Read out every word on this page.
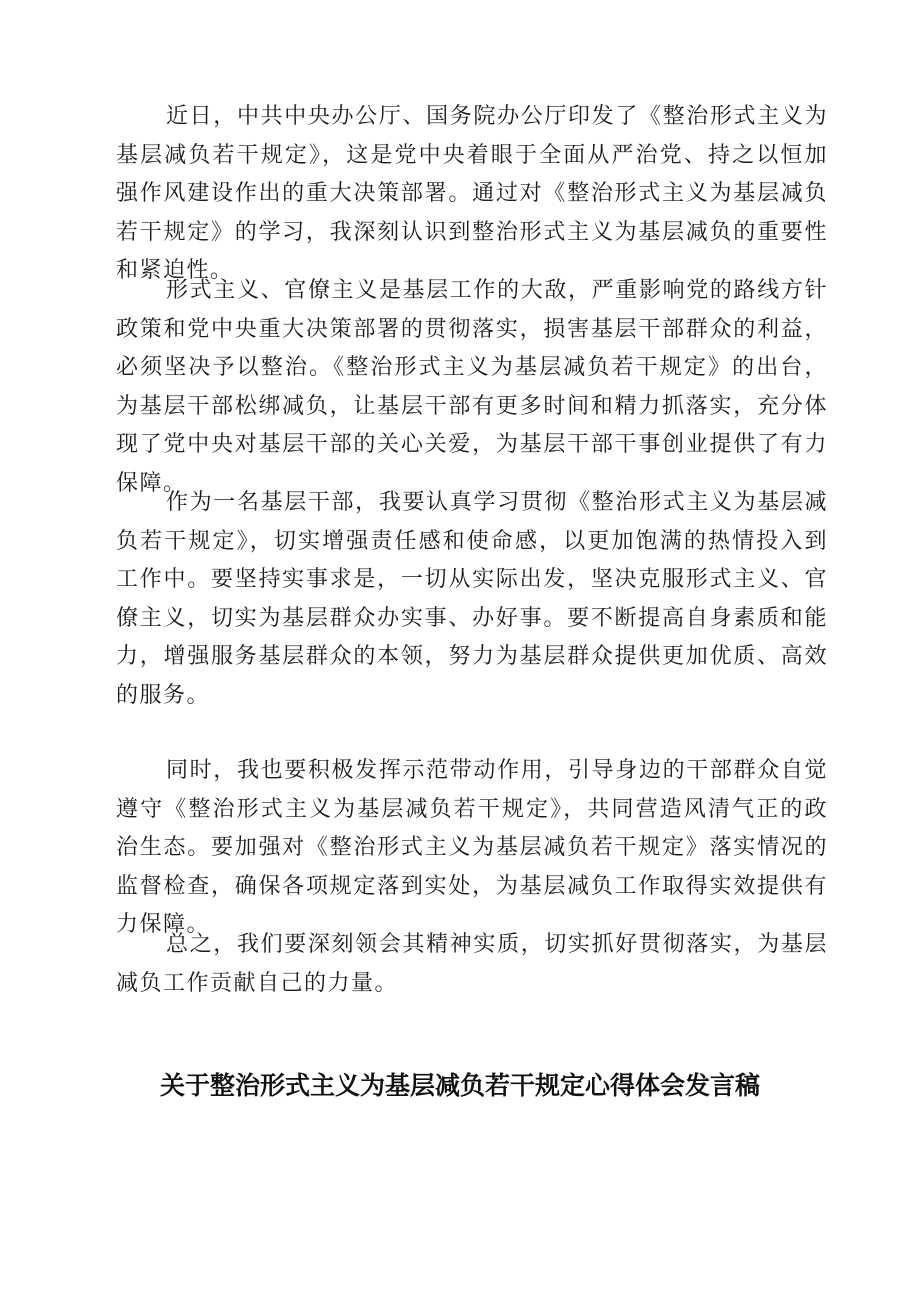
近日，中共中央办公厅、国务院办公厅印发了《整治形式主义为基层减负若干规定》，这是党中央着眼于全面从严治党、持之以恒加强作风建设作出的重大决策部署。通过对《整治形式主义为基层减负若干规定》的学习，我深刻认识到整治形式主义为基层减负的重要性和紧迫性。

形式主义、官僚主义是基层工作的大敌，严重影响党的路线方针政策和党中央重大决策部署的贯彻落实，损害基层干部群众的利益，必须坚决予以整治。《整治形式主义为基层减负若干规定》的出台，为基层干部松绑减负，让基层干部有更多时间和精力抓落实，充分体现了党中央对基层干部的关心关爱，为基层干部干事创业提供了有力保障。

作为一名基层干部，我要认真学习贯彻《整治形式主义为基层减负若干规定》，切实增强责任感和使命感，以更加饱满的热情投入到工作中。要坚持实事求是，一切从实际出发，坚决克服形式主义、官僚主义，切实为基层群众办实事、办好事。要不断提高自身素质和能力，增强服务基层群众的本领，努力为基层群众提供更加优质、高效的服务。

同时，我也要积极发挥示范带动作用，引导身边的干部群众自觉遵守《整治形式主义为基层减负若干规定》，共同营造风清气正的政治生态。要加强对《整治形式主义为基层减负若干规定》落实情况的监督检查，确保各项规定落到实处，为基层减负工作取得实效提供有力保障。

总之，我们要深刻领会其精神实质，切实抓好贯彻落实，为基层减负工作贡献自己的力量。

关于整治形式主义为基层减负若干规定心得体会发言稿
